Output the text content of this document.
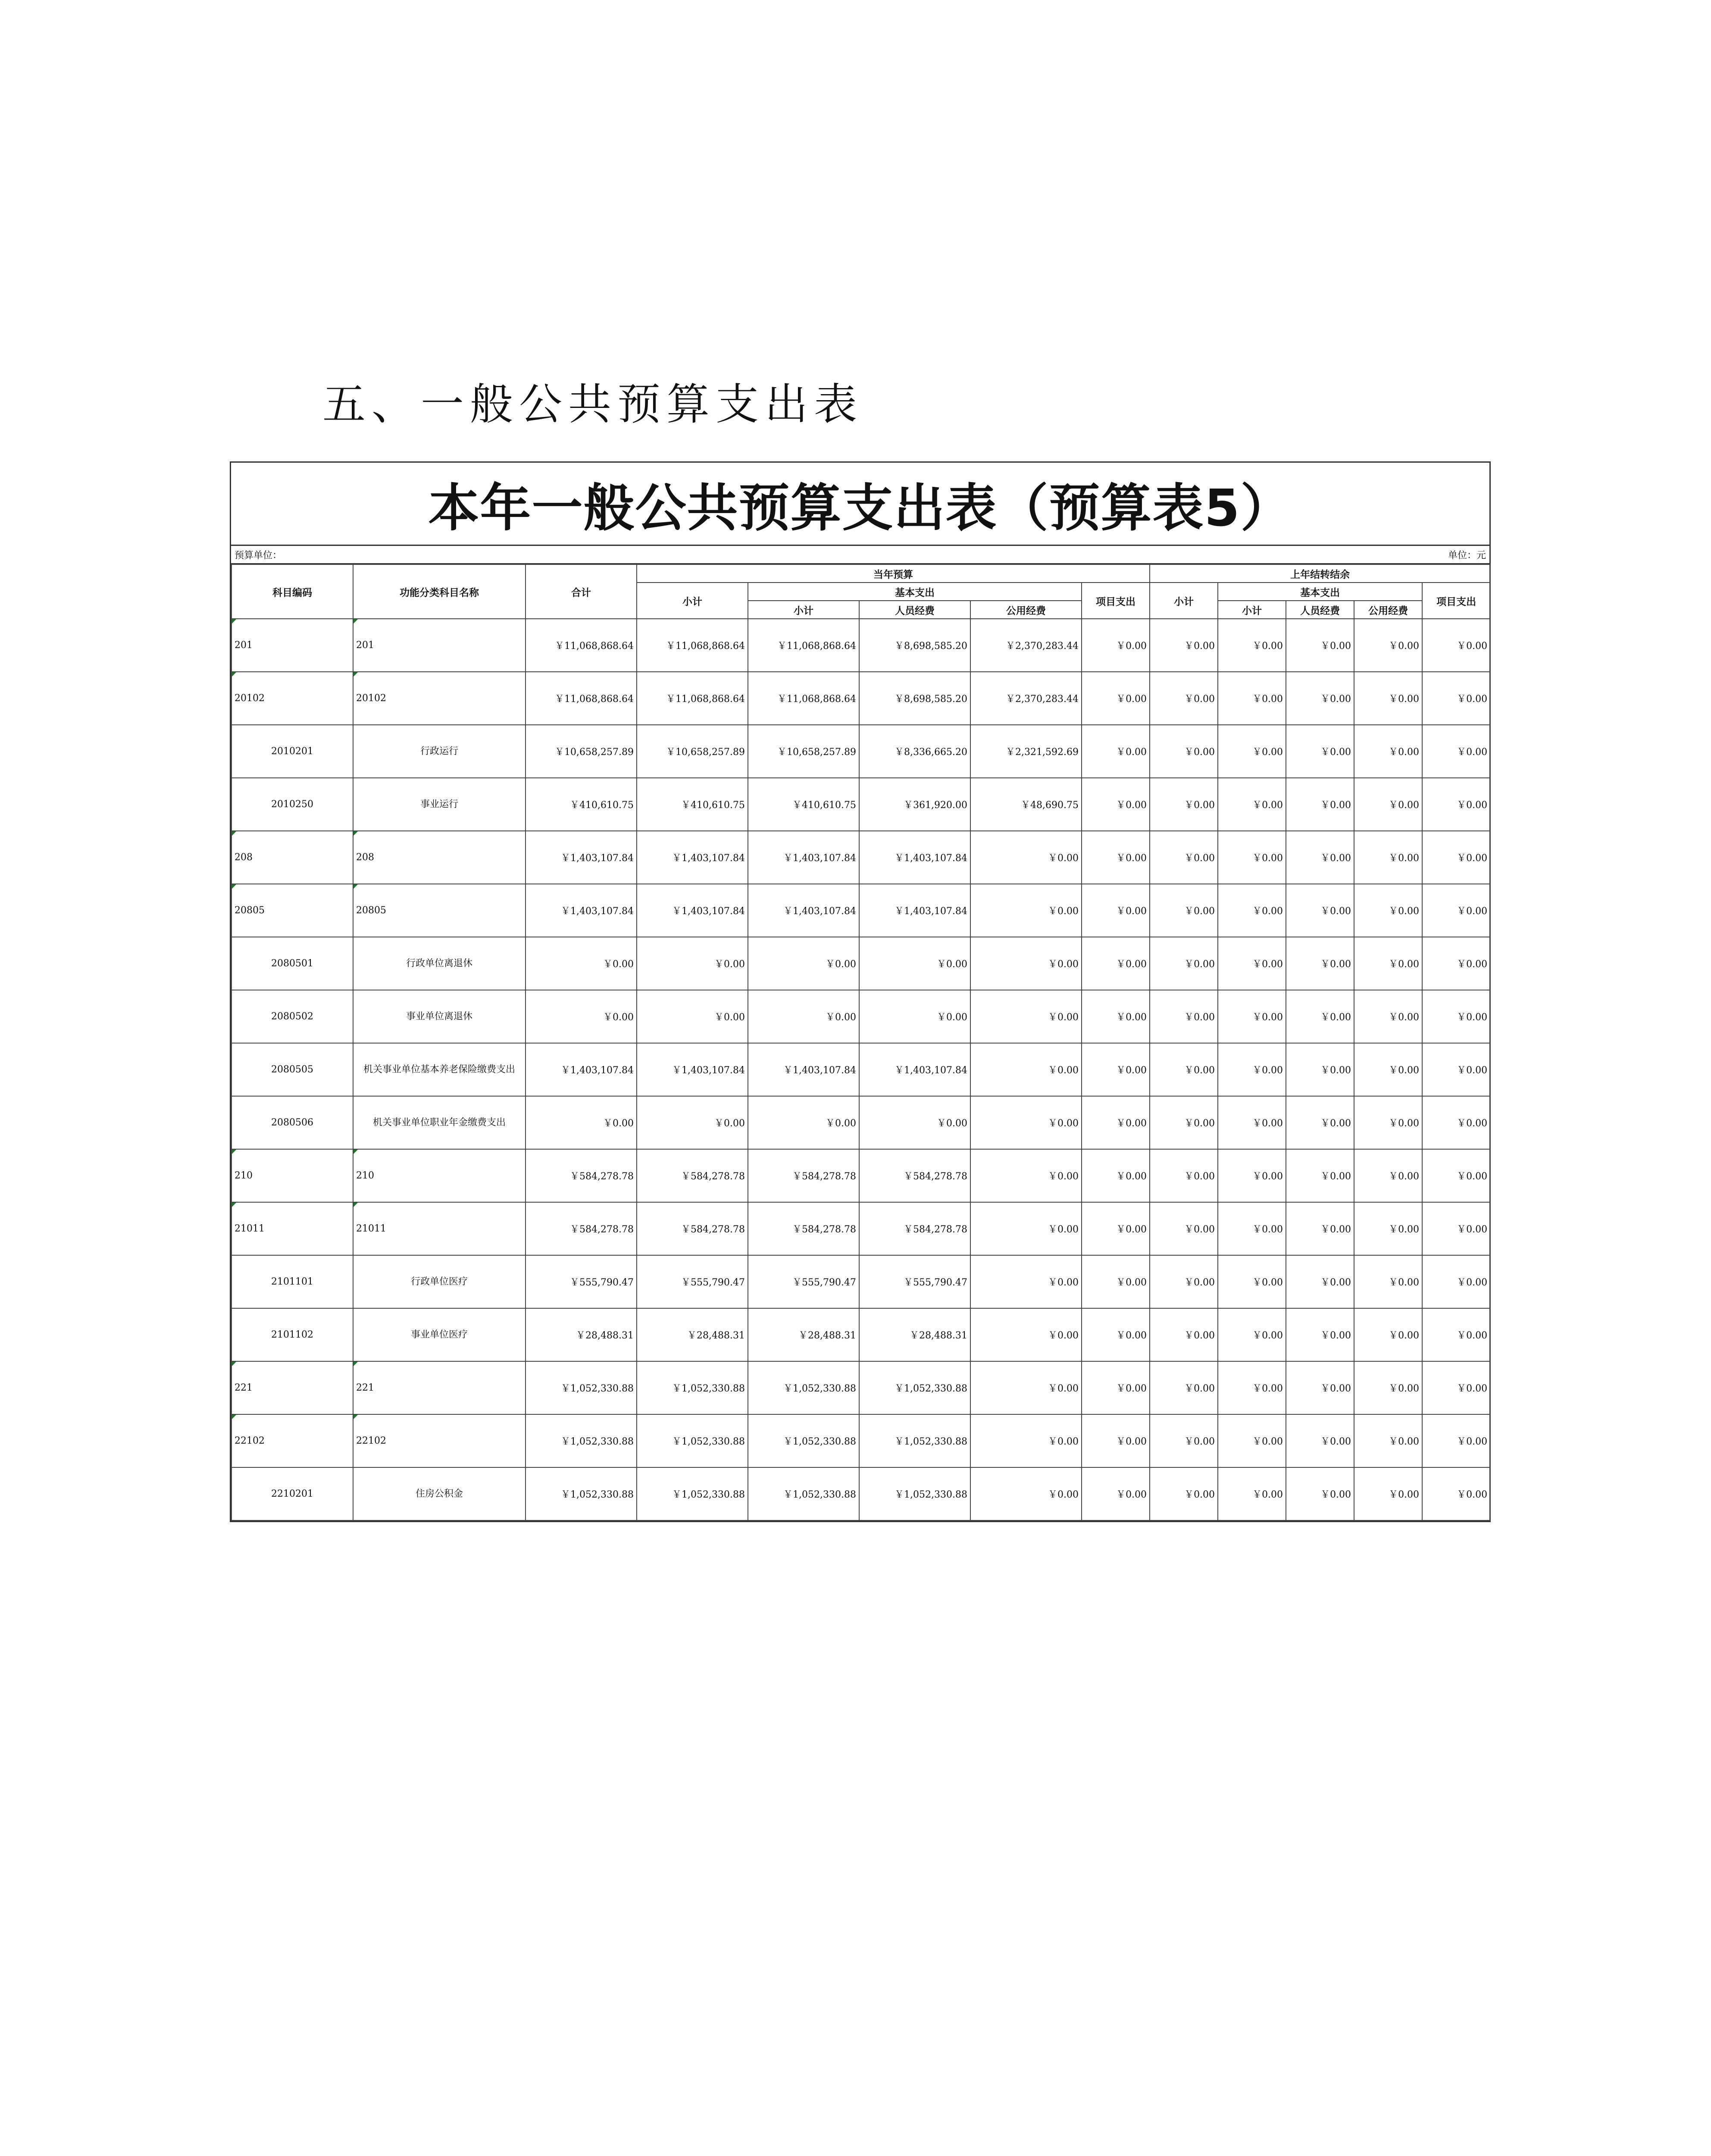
五、一般公共预算支出表
本年一般公共预算支出表（预算表5）
预算单位：	单位：元
科目编码	功能分类科目名称	合计	当年预算					上年结转结余				
			小计	基本支出			项目支出	小计	基本支出			项目支出
				小计	人员经费	公用经费			小计	人员经费	公用经费	
201	201	￥11,068,868.64	￥11,068,868.64	￥11,068,868.64	￥8,698,585.20	￥2,370,283.44	￥0.00	￥0.00	￥0.00	￥0.00	￥0.00	￥0.00
20102	20102	￥11,068,868.64	￥11,068,868.64	￥11,068,868.64	￥8,698,585.20	￥2,370,283.44	￥0.00	￥0.00	￥0.00	￥0.00	￥0.00	￥0.00
2010201	行政运行	￥10,658,257.89	￥10,658,257.89	￥10,658,257.89	￥8,336,665.20	￥2,321,592.69	￥0.00	￥0.00	￥0.00	￥0.00	￥0.00	￥0.00
2010250	事业运行	￥410,610.75	￥410,610.75	￥410,610.75	￥361,920.00	￥48,690.75	￥0.00	￥0.00	￥0.00	￥0.00	￥0.00	￥0.00
208	208	￥1,403,107.84	￥1,403,107.84	￥1,403,107.84	￥1,403,107.84	￥0.00	￥0.00	￥0.00	￥0.00	￥0.00	￥0.00	￥0.00
20805	20805	￥1,403,107.84	￥1,403,107.84	￥1,403,107.84	￥1,403,107.84	￥0.00	￥0.00	￥0.00	￥0.00	￥0.00	￥0.00	￥0.00
2080501	行政单位离退休	￥0.00	￥0.00	￥0.00	￥0.00	￥0.00	￥0.00	￥0.00	￥0.00	￥0.00	￥0.00	￥0.00
2080502	事业单位离退休	￥0.00	￥0.00	￥0.00	￥0.00	￥0.00	￥0.00	￥0.00	￥0.00	￥0.00	￥0.00	￥0.00
2080505	机关事业单位基本养老保险缴费支出	￥1,403,107.84	￥1,403,107.84	￥1,403,107.84	￥1,403,107.84	￥0.00	￥0.00	￥0.00	￥0.00	￥0.00	￥0.00	￥0.00
2080506	机关事业单位职业年金缴费支出	￥0.00	￥0.00	￥0.00	￥0.00	￥0.00	￥0.00	￥0.00	￥0.00	￥0.00	￥0.00	￥0.00
210	210	￥584,278.78	￥584,278.78	￥584,278.78	￥584,278.78	￥0.00	￥0.00	￥0.00	￥0.00	￥0.00	￥0.00	￥0.00
21011	21011	￥584,278.78	￥584,278.78	￥584,278.78	￥584,278.78	￥0.00	￥0.00	￥0.00	￥0.00	￥0.00	￥0.00	￥0.00
2101101	行政单位医疗	￥555,790.47	￥555,790.47	￥555,790.47	￥555,790.47	￥0.00	￥0.00	￥0.00	￥0.00	￥0.00	￥0.00	￥0.00
2101102	事业单位医疗	￥28,488.31	￥28,488.31	￥28,488.31	￥28,488.31	￥0.00	￥0.00	￥0.00	￥0.00	￥0.00	￥0.00	￥0.00
221	221	￥1,052,330.88	￥1,052,330.88	￥1,052,330.88	￥1,052,330.88	￥0.00	￥0.00	￥0.00	￥0.00	￥0.00	￥0.00	￥0.00
22102	22102	￥1,052,330.88	￥1,052,330.88	￥1,052,330.88	￥1,052,330.88	￥0.00	￥0.00	￥0.00	￥0.00	￥0.00	￥0.00	￥0.00
2210201	住房公积金	￥1,052,330.88	￥1,052,330.88	￥1,052,330.88	￥1,052,330.88	￥0.00	￥0.00	￥0.00	￥0.00	￥0.00	￥0.00	￥0.00
